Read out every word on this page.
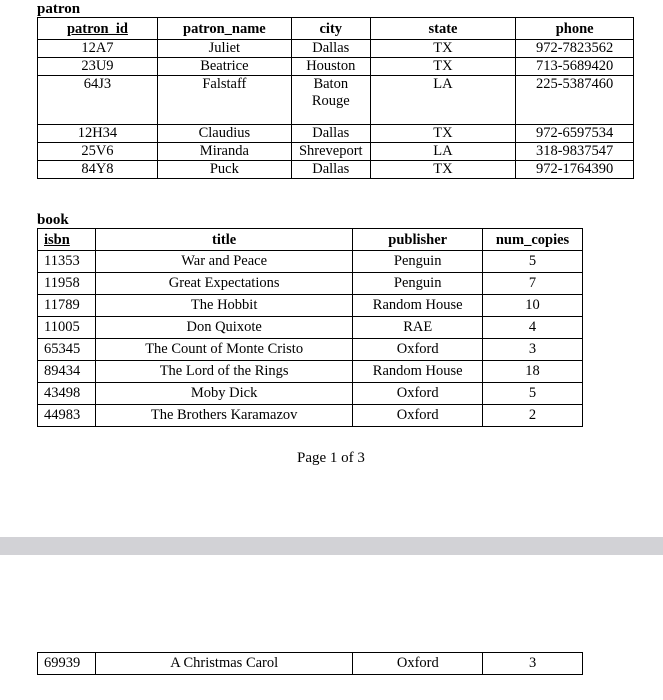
patron
patron_id	patron_name	city	state	phone
12A7	Juliet	Dallas	TX	972-7823562
23U9	Beatrice	Houston	TX	713-5689420
64J3	Falstaff	Baton Rouge	LA	225-5387460
12H34	Claudius	Dallas	TX	972-6597534
25V6	Miranda	Shreveport	LA	318-9837547
84Y8	Puck	Dallas	TX	972-1764390
book
isbn	title	publisher	num_copies
11353	War and Peace	Penguin	5
11958	Great Expectations	Penguin	7
11789	The Hobbit	Random House	10
11005	Don Quixote	RAE	4
65345	The Count of Monte Cristo	Oxford	3
89434	The Lord of the Rings	Random House	18
43498	Moby Dick	Oxford	5
44983	The Brothers Karamazov	Oxford	2
Page 1 of 3
69939	A Christmas Carol	Oxford	3
